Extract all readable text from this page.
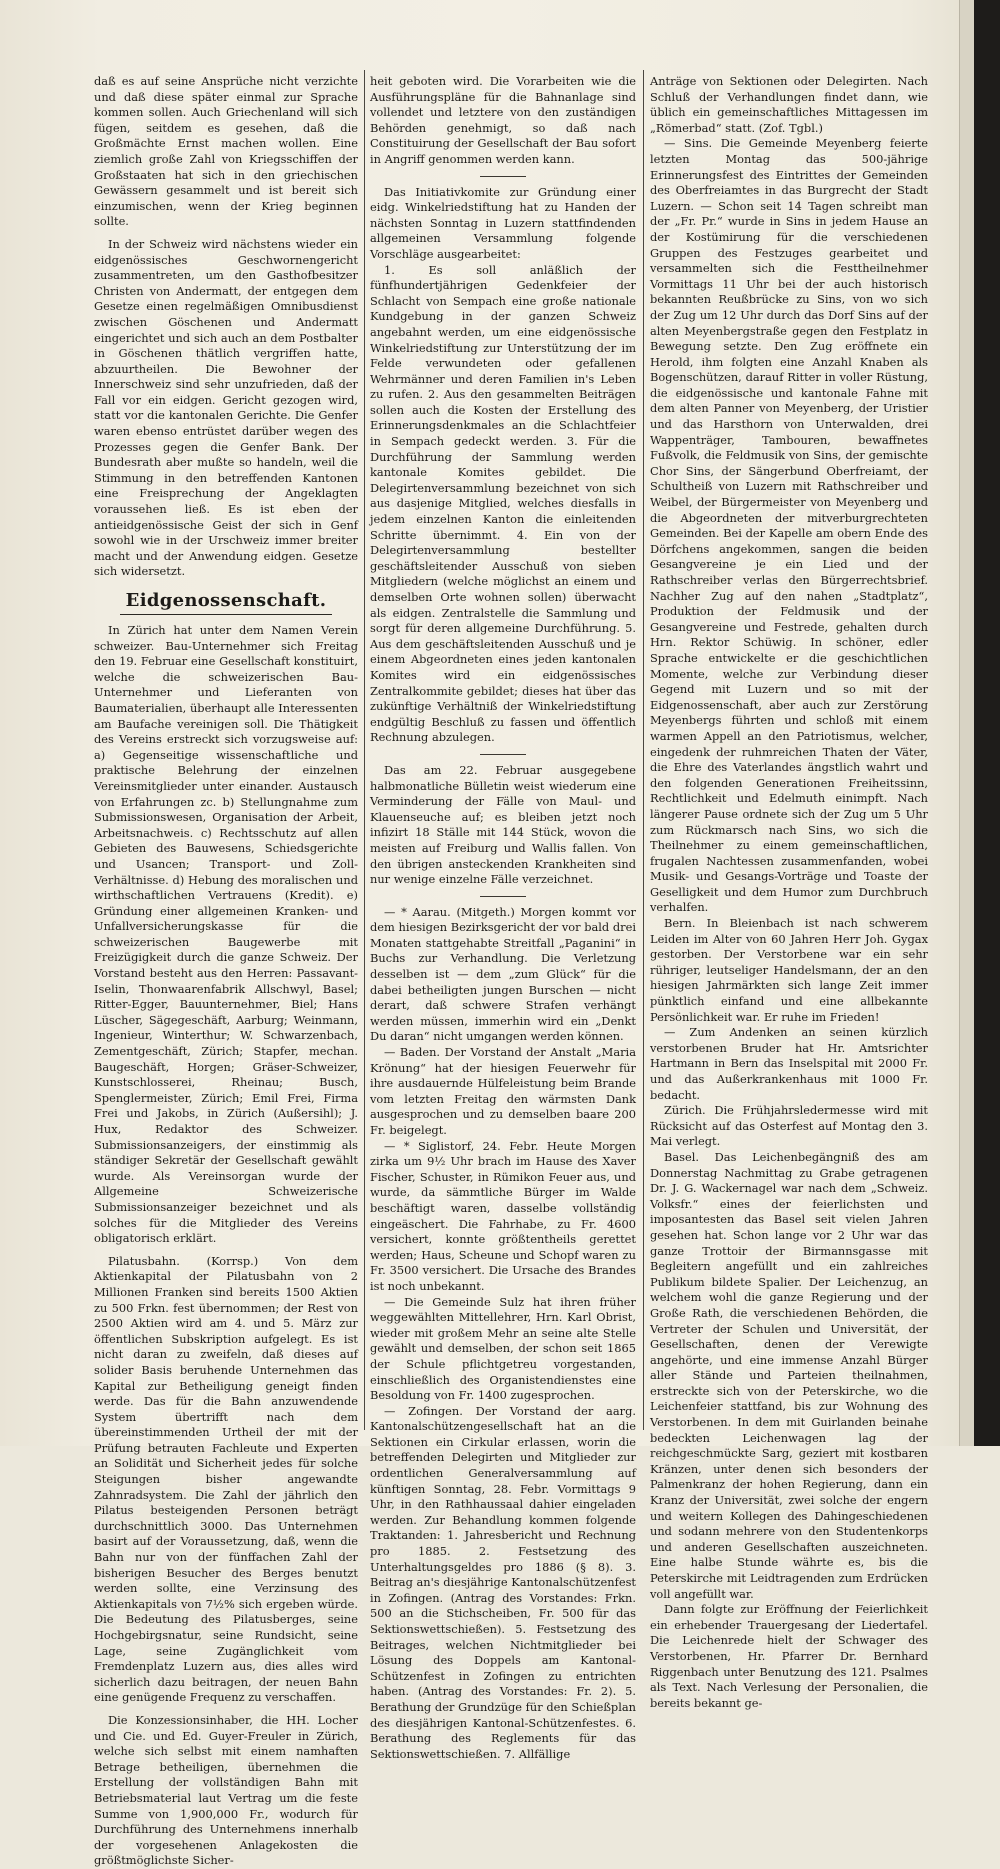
daß es auf seine Ansprüche nicht verzichte und daß diese später einmal zur Sprache kommen sollen. Auch Griechenland will sich fügen, seitdem es gesehen, daß die Großmächte Ernst machen wollen. Eine ziemlich große Zahl von Kriegsschiffen der Großstaaten hat sich in den griechischen Gewässern gesammelt und ist bereit sich einzumischen, wenn der Krieg beginnen sollte.

In der Schweiz wird nächstens wieder ein eidgenössisches Geschwornengericht zusammentreten, um den Gasthofbesitzer Christen von Andermatt, der entgegen dem Gesetze einen regelmäßigen Omnibusdienst zwischen Göschenen und Andermatt eingerichtet und sich auch an dem Postbalter in Göschenen thätlich vergriffen hatte, abzuurtheilen. Die Bewohner der Innerschweiz sind sehr unzufrieden, daß der Fall vor ein eidgen. Gericht gezogen wird, statt vor die kantonalen Gerichte. Die Genfer waren ebenso entrüstet darüber wegen des Prozesses gegen die Genfer Bank. Der Bundesrath aber mußte so handeln, weil die Stimmung in den betreffenden Kantonen eine Freisprechung der Angeklagten voraussehen ließ. Es ist eben der antieidgenössische Geist der sich in Genf sowohl wie in der Urschweiz immer breiter macht und der Anwendung eidgen. Gesetze sich widersetzt.

Eidgenossenschaft.

In Zürich hat unter dem Namen Verein schweizer. Bau-Unternehmer sich Freitag den 19. Februar eine Gesellschaft konstituirt, welche die schweizerischen Bau-Unternehmer und Lieferanten von Baumaterialien, überhaupt alle Interessenten am Baufache vereinigen soll. Die Thätigkeit des Vereins erstreckt sich vorzugsweise auf: a) Gegenseitige wissenschaftliche und praktische Belehrung der einzelnen Vereinsmitglieder unter einander. Austausch von Erfahrungen zc. b) Stellungnahme zum Submissionswesen, Organisation der Arbeit, Arbeitsnachweis. c) Rechtsschutz auf allen Gebieten des Bauwesens, Schiedsgerichte und Usancen; Transport- und Zoll-Verhältnisse. d) Hebung des moralischen und wirthschaftlichen Vertrauens (Kredit). e) Gründung einer allgemeinen Kranken- und Unfallversicherungskasse für die schweizerischen Baugewerbe mit Freizügigkeit durch die ganze Schweiz. Der Vorstand besteht aus den Herren: Passavant-Iselin, Thonwaarenfabrik Allschwyl, Basel; Ritter-Egger, Bauunternehmer, Biel; Hans Lüscher, Sägegeschäft, Aarburg; Weinmann, Ingenieur, Winterthur; W. Schwarzenbach, Zementgeschäft, Zürich; Stapfer, mechan. Baugeschäft, Horgen; Gräser-Schweizer, Kunstschlosserei, Rheinau; Busch, Spenglermeister, Zürich; Emil Frei, Firma Frei und Jakobs, in Zürich (Außersihl); J. Hux, Redaktor des Schweizer. Submissionsanzeigers, der einstimmig als ständiger Sekretär der Gesellschaft gewählt wurde. Als Vereinsorgan wurde der Allgemeine Schweizerische Submissionsanzeiger bezeichnet und als solches für die Mitglieder des Vereins obligatorisch erklärt.

Pilatusbahn. (Korrsp.) Von dem Aktienkapital der Pilatusbahn von 2 Millionen Franken sind bereits 1500 Aktien zu 500 Frkn. fest übernommen; der Rest von 2500 Aktien wird am 4. und 5. März zur öffentlichen Subskription aufgelegt. Es ist nicht daran zu zweifeln, daß dieses auf solider Basis beruhende Unternehmen das Kapital zur Betheiligung geneigt finden werde. Das für die Bahn anzuwendende System übertrifft nach dem übereinstimmenden Urtheil der mit der Prüfung betrauten Fachleute und Experten an Solidität und Sicherheit jedes für solche Steigungen bisher angewandte Zahnradsystem. Die Zahl der jährlich den Pilatus besteigenden Personen beträgt durchschnittlich 3000. Das Unternehmen basirt auf der Voraussetzung, daß, wenn die Bahn nur von der fünffachen Zahl der bisherigen Besucher des Berges benutzt werden sollte, eine Verzinsung des Aktienkapitals von 7½% sich ergeben würde. Die Bedeutung des Pilatusberges, seine Hochgebirgsnatur, seine Rundsicht, seine Lage, seine Zugänglichkeit vom Fremdenplatz Luzern aus, dies alles wird sicherlich dazu beitragen, der neuen Bahn eine genügende Frequenz zu verschaffen.

Die Konzessionsinhaber, die HH. Locher und Cie. und Ed. Guyer-Freuler in Zürich, welche sich selbst mit einem namhaften Betrage betheiligen, übernehmen die Erstellung der vollständigen Bahn mit Betriebsmaterial laut Vertrag um die feste Summe von 1,900,000 Fr., wodurch für Durchführung des Unternehmens innerhalb der vorgesehenen Anlagekosten die größtmöglichste Sicher-

heit geboten wird. Die Vorarbeiten wie die Ausführungspläne für die Bahnanlage sind vollendet und letztere von den zuständigen Behörden genehmigt, so daß nach Constituirung der Gesellschaft der Bau sofort in Angriff genommen werden kann.

Das Initiativkomite zur Gründung einer eidg. Winkelriedstiftung hat zu Handen der nächsten Sonntag in Luzern stattfindenden allgemeinen Versammlung folgende Vorschläge ausgearbeitet:

1. Es soll anläßlich der fünfhundertjährigen Gedenkfeier der Schlacht von Sempach eine große nationale Kundgebung in der ganzen Schweiz angebahnt werden, um eine eidgenössische Winkelriedstiftung zur Unterstützung der im Felde verwundeten oder gefallenen Wehrmänner und deren Familien in's Leben zu rufen. 2. Aus den gesammelten Beiträgen sollen auch die Kosten der Erstellung des Erinnerungsdenkmales an die Schlachtfeier in Sempach gedeckt werden. 3. Für die Durchführung der Sammlung werden kantonale Komites gebildet. Die Delegirtenversammlung bezeichnet von sich aus dasjenige Mitglied, welches diesfalls in jedem einzelnen Kanton die einleitenden Schritte übernimmt. 4. Ein von der Delegirtenversammlung bestellter geschäftsleitender Ausschuß von sieben Mitgliedern (welche möglichst an einem und demselben Orte wohnen sollen) überwacht als eidgen. Zentralstelle die Sammlung und sorgt für deren allgemeine Durchführung. 5. Aus dem geschäftsleitenden Ausschuß und je einem Abgeordneten eines jeden kantonalen Komites wird ein eidgenössisches Zentralkommite gebildet; dieses hat über das zukünftige Verhältniß der Winkelriedstiftung endgültig Beschluß zu fassen und öffentlich Rechnung abzulegen.

Das am 22. Februar ausgegebene halbmonatliche Bülletin weist wiederum eine Verminderung der Fälle von Maul- und Klauenseuche auf; es bleiben jetzt noch infizirt 18 Ställe mit 144 Stück, wovon die meisten auf Freiburg und Wallis fallen. Von den übrigen ansteckenden Krankheiten sind nur wenige einzelne Fälle verzeichnet.

— * Aarau. (Mitgeth.) Morgen kommt vor dem hiesigen Bezirksgericht der vor bald drei Monaten stattgehabte Streitfall „Paganini“ in Buchs zur Verhandlung. Die Verletzung desselben ist — dem „zum Glück“ für die dabei betheiligten jungen Burschen — nicht derart, daß schwere Strafen verhängt werden müssen, immerhin wird ein „Denkt Du daran“ nicht umgangen werden können.

— Baden. Der Vorstand der Anstalt „Maria Krönung“ hat der hiesigen Feuerwehr für ihre ausdauernde Hülfeleistung beim Brande vom letzten Freitag den wärmsten Dank ausgesprochen und zu demselben baare 200 Fr. beigelegt.

— * Siglistorf, 24. Febr. Heute Morgen zirka um 9½ Uhr brach im Hause des Xaver Fischer, Schuster, in Rümikon Feuer aus, und wurde, da sämmtliche Bürger im Walde beschäftigt waren, dasselbe vollständig eingeäschert. Die Fahrhabe, zu Fr. 4600 versichert, konnte größtentheils gerettet werden; Haus, Scheune und Schopf waren zu Fr. 3500 versichert. Die Ursache des Brandes ist noch unbekannt.

— Die Gemeinde Sulz hat ihren früher weggewählten Mittellehrer, Hrn. Karl Obrist, wieder mit großem Mehr an seine alte Stelle gewählt und demselben, der schon seit 1865 der Schule pflichtgetreu vorgestanden, einschließlich des Organistendienstes eine Besoldung von Fr. 1400 zugesprochen.

— Zofingen. Der Vorstand der aarg. Kantonalschützengesellschaft hat an die Sektionen ein Cirkular erlassen, worin die betreffenden Delegirten und Mitglieder zur ordentlichen Generalversammlung auf künftigen Sonntag, 28. Febr. Vormittags 9 Uhr, in den Rathhaussaal dahier eingeladen werden. Zur Behandlung kommen folgende Traktanden: 1. Jahresbericht und Rechnung pro 1885. 2. Festsetzung des Unterhaltungsgeldes pro 1886 (§ 8). 3. Beitrag an's diesjährige Kantonalschützenfest in Zofingen. (Antrag des Vorstandes: Frkn. 500 an die Stichscheiben, Fr. 500 für das Sektionswettschießen). 5. Festsetzung des Beitrages, welchen Nichtmitglieder bei Lösung des Doppels am Kantonal-Schützenfest in Zofingen zu entrichten haben. (Antrag des Vorstandes: Fr. 2). 5. Berathung der Grundzüge für den Schießplan des diesjährigen Kantonal-Schützenfestes. 6. Berathung des Reglements für das Sektionswettschießen. 7. Allfällige

Anträge von Sektionen oder Delegirten. Nach Schluß der Verhandlungen findet dann, wie üblich ein gemeinschaftliches Mittagessen im „Römerbad“ statt. (Zof. Tgbl.)

— Sins. Die Gemeinde Meyenberg feierte letzten Montag das 500-jährige Erinnerungsfest des Eintrittes der Gemeinden des Oberfreiamtes in das Burgrecht der Stadt Luzern. — Schon seit 14 Tagen schreibt man der „Fr. Pr.“ wurde in Sins in jedem Hause an der Kostümirung für die verschiedenen Gruppen des Festzuges gearbeitet und versammelten sich die Festtheilnehmer Vormittags 11 Uhr bei der auch historisch bekannten Reußbrücke zu Sins, von wo sich der Zug um 12 Uhr durch das Dorf Sins auf der alten Meyenbergstraße gegen den Festplatz in Bewegung setzte. Den Zug eröffnete ein Herold, ihm folgten eine Anzahl Knaben als Bogenschützen, darauf Ritter in voller Rüstung, die eidgenössische und kantonale Fahne mit dem alten Panner von Meyenberg, der Uristier und das Harsthorn von Unterwalden, drei Wappenträger, Tambouren, bewaffnetes Fußvolk, die Feldmusik von Sins, der gemischte Chor Sins, der Sängerbund Oberfreiamt, der Schultheiß von Luzern mit Rathschreiber und Weibel, der Bürgermeister von Meyenberg und die Abgeordneten der mitverburgrechteten Gemeinden. Bei der Kapelle am obern Ende des Dörfchens angekommen, sangen die beiden Gesangvereine je ein Lied und der Rathschreiber verlas den Bürgerrechtsbrief. Nachher Zug auf den nahen „Stadtplatz“, Produktion der Feldmusik und der Gesangvereine und Festrede, gehalten durch Hrn. Rektor Schüwig. In schöner, edler Sprache entwickelte er die geschichtlichen Momente, welche zur Verbindung dieser Gegend mit Luzern und so mit der Eidgenossenschaft, aber auch zur Zerstörung Meyenbergs führten und schloß mit einem warmen Appell an den Patriotismus, welcher, eingedenk der ruhmreichen Thaten der Väter, die Ehre des Vaterlandes ängstlich wahrt und den folgenden Generationen Freiheitssinn, Rechtlichkeit und Edelmuth einimpft. Nach längerer Pause ordnete sich der Zug um 5 Uhr zum Rückmarsch nach Sins, wo sich die Theilnehmer zu einem gemeinschaftlichen, frugalen Nachtessen zusammenfanden, wobei Musik- und Gesangs-Vorträge und Toaste der Geselligkeit und dem Humor zum Durchbruch verhalfen.

Bern. In Bleienbach ist nach schwerem Leiden im Alter von 60 Jahren Herr Joh. Gygax gestorben. Der Verstorbene war ein sehr rühriger, leutseliger Handelsmann, der an den hiesigen Jahrmärkten sich lange Zeit immer pünktlich einfand und eine allbekannte Persönlichkeit war. Er ruhe im Frieden!

— Zum Andenken an seinen kürzlich verstorbenen Bruder hat Hr. Amtsrichter Hartmann in Bern das Inselspital mit 2000 Fr. und das Außerkrankenhaus mit 1000 Fr. bedacht.

Zürich. Die Frühjahrsledermesse wird mit Rücksicht auf das Osterfest auf Montag den 3. Mai verlegt.

Basel. Das Leichenbegängniß des am Donnerstag Nachmittag zu Grabe getragenen Dr. J. G. Wackernagel war nach dem „Schweiz. Volksfr.“ eines der feierlichsten und imposantesten das Basel seit vielen Jahren gesehen hat. Schon lange vor 2 Uhr war das ganze Trottoir der Birmannsgasse mit Begleitern angefüllt und ein zahlreiches Publikum bildete Spalier. Der Leichenzug, an welchem wohl die ganze Regierung und der Große Rath, die verschiedenen Behörden, die Vertreter der Schulen und Universität, der Gesellschaften, denen der Verewigte angehörte, und eine immense Anzahl Bürger aller Stände und Parteien theilnahmen, erstreckte sich von der Peterskirche, wo die Leichenfeier stattfand, bis zur Wohnung des Verstorbenen. In dem mit Guirlanden beinahe bedeckten Leichenwagen lag der reichgeschmückte Sarg, geziert mit kostbaren Kränzen, unter denen sich besonders der Palmenkranz der hohen Regierung, dann ein Kranz der Universität, zwei solche der engern und weitern Kollegen des Dahingeschiedenen und sodann mehrere von den Studentenkorps und anderen Gesellschaften auszeichneten. Eine halbe Stunde währte es, bis die Peterskirche mit Leidtragenden zum Erdrücken voll angefüllt war.

Dann folgte zur Eröffnung der Feierlichkeit ein erhebender Trauergesang der Liedertafel. Die Leichenrede hielt der Schwager des Verstorbenen, Hr. Pfarrer Dr. Bernhard Riggenbach unter Benutzung des 121. Psalmes als Text. Nach Verlesung der Personalien, die bereits bekannt ge-
